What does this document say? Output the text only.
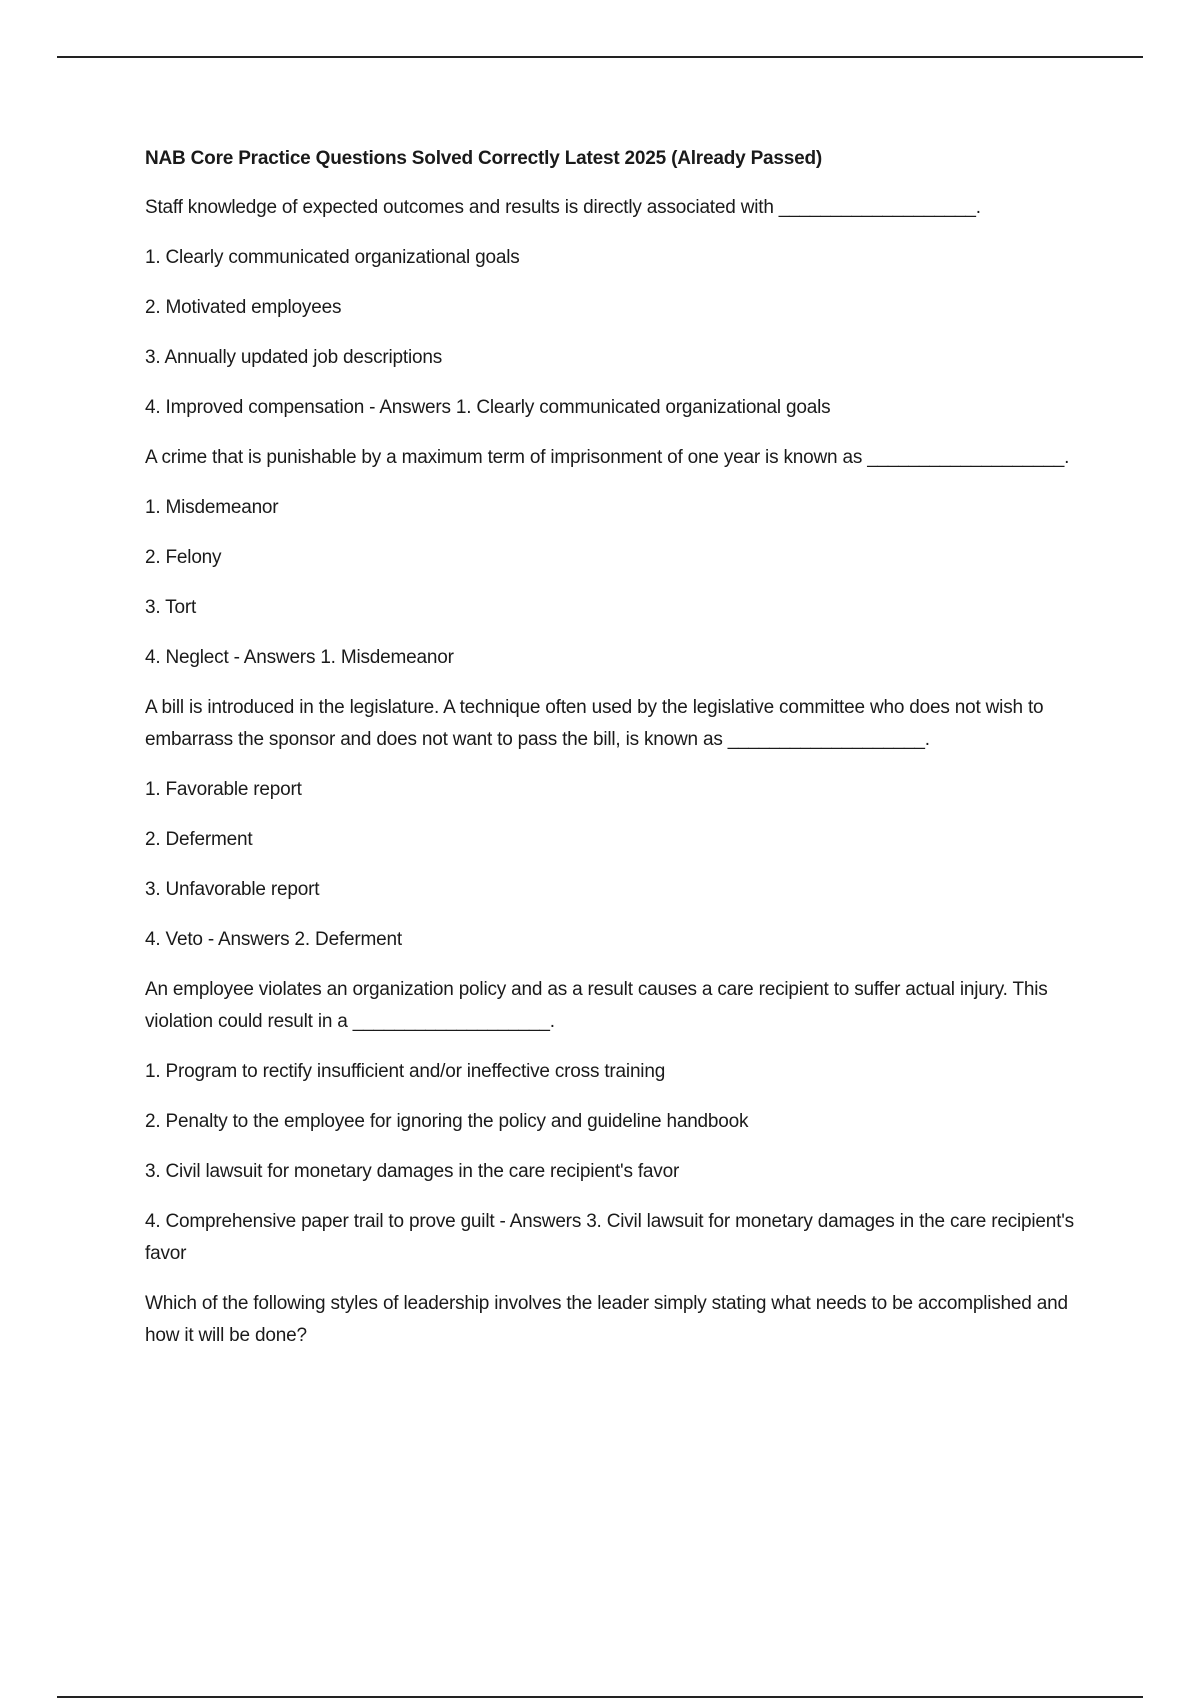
NAB Core Practice Questions Solved Correctly Latest 2025 (Already Passed)

Staff knowledge of expected outcomes and results is directly associated with ___________________.

1. Clearly communicated organizational goals

2. Motivated employees

3. Annually updated job descriptions

4. Improved compensation - Answers 1. Clearly communicated organizational goals

A crime that is punishable by a maximum term of imprisonment of one year is known as ___________________.

1. Misdemeanor

2. Felony

3. Tort

4. Neglect - Answers 1. Misdemeanor

A bill is introduced in the legislature. A technique often used by the legislative committee who does not wish to embarrass the sponsor and does not want to pass the bill, is known as ___________________.

1. Favorable report

2. Deferment

3. Unfavorable report

4. Veto - Answers 2. Deferment

An employee violates an organization policy and as a result causes a care recipient to suffer actual injury. This violation could result in a ___________________.

1. Program to rectify insufficient and/or ineffective cross training

2. Penalty to the employee for ignoring the policy and guideline handbook

3. Civil lawsuit for monetary damages in the care recipient's favor

4. Comprehensive paper trail to prove guilt - Answers 3. Civil lawsuit for monetary damages in the care recipient's favor

Which of the following styles of leadership involves the leader simply stating what needs to be accomplished and how it will be done?
